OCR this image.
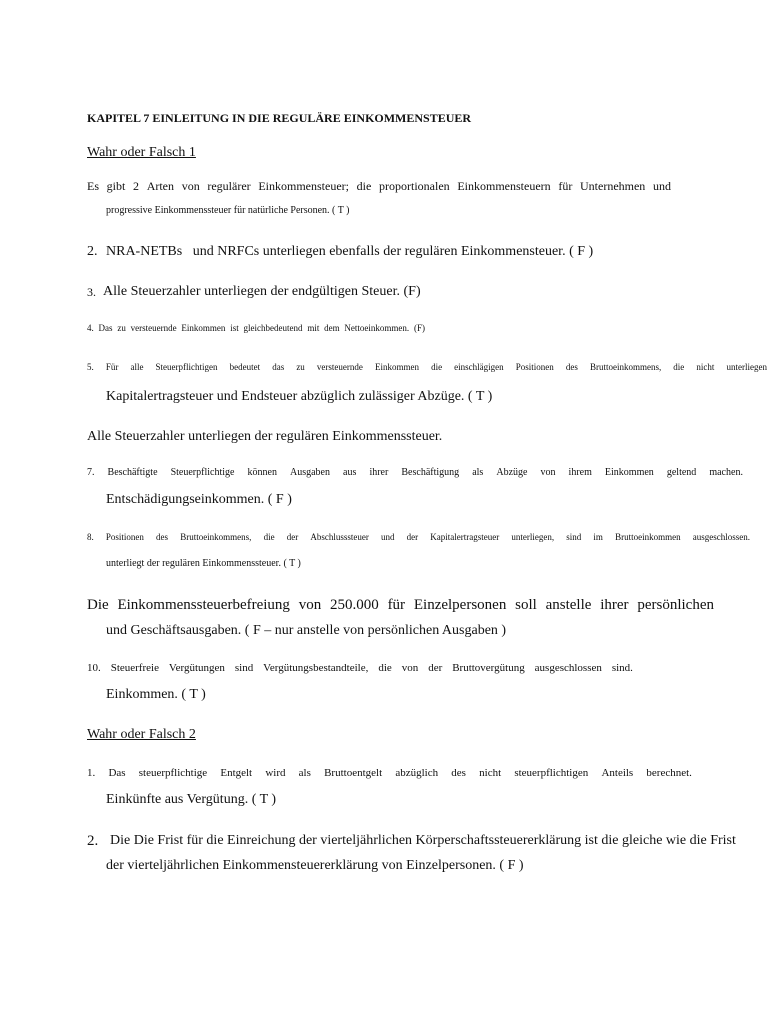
KAPITEL 7 EINLEITUNG IN DIE REGULÄRE EINKOMMENSTEUER
Wahr oder Falsch 1
Es gibt 2 Arten von regulärer Einkommensteuer; die proportionalen Einkommensteuern für Unternehmen und
progressive Einkommenssteuer für natürliche Personen. ( T )
2. NRA-NETBs   und NRFCs unterliegen ebenfalls der regulären Einkommensteuer. ( F )
3. Alle Steuerzahler unterliegen der endgültigen Steuer. (F)
4. Das zu versteuernde Einkommen ist gleichbedeutend mit dem Nettoeinkommen. (F)
5. Für alle Steuerpflichtigen bedeutet das zu versteuernde Einkommen die einschlägigen Positionen des Bruttoeinkommens, die nicht unterliegen
Kapitalertragsteuer und Endsteuer abzüglich zulässiger Abzüge. ( T )
Alle Steuerzahler unterliegen der regulären Einkommenssteuer.
7. Beschäftigte Steuerpflichtige können Ausgaben aus ihrer Beschäftigung als Abzüge von ihrem Einkommen geltend machen.
Entschädigungseinkommen. ( F )
8. Positionen des Bruttoeinkommens, die der Abschlusssteuer und der Kapitalertragsteuer unterliegen, sind im Bruttoeinkommen ausgeschlossen.
unterliegt der regulären Einkommenssteuer. ( T )
Die Einkommenssteuerbefreiung von 250.000 für Einzelpersonen soll anstelle ihrer persönlichen
und Geschäftsausgaben. ( F – nur anstelle von persönlichen Ausgaben )
10. Steuerfreie Vergütungen sind Vergütungsbestandteile, die von der Bruttovergütung ausgeschlossen sind.
Einkommen. ( T )
Wahr oder Falsch 2
1. Das steuerpflichtige Entgelt wird als Bruttoentgelt abzüglich des nicht steuerpflichtigen Anteils berechnet.
Einkünfte aus Vergütung. ( T )
2. Die Die Frist für die Einreichung der vierteljährlichen Körperschaftssteuererklärung ist die gleiche wie die Frist
der vierteljährlichen Einkommensteuererklärung von Einzelpersonen. ( F )
